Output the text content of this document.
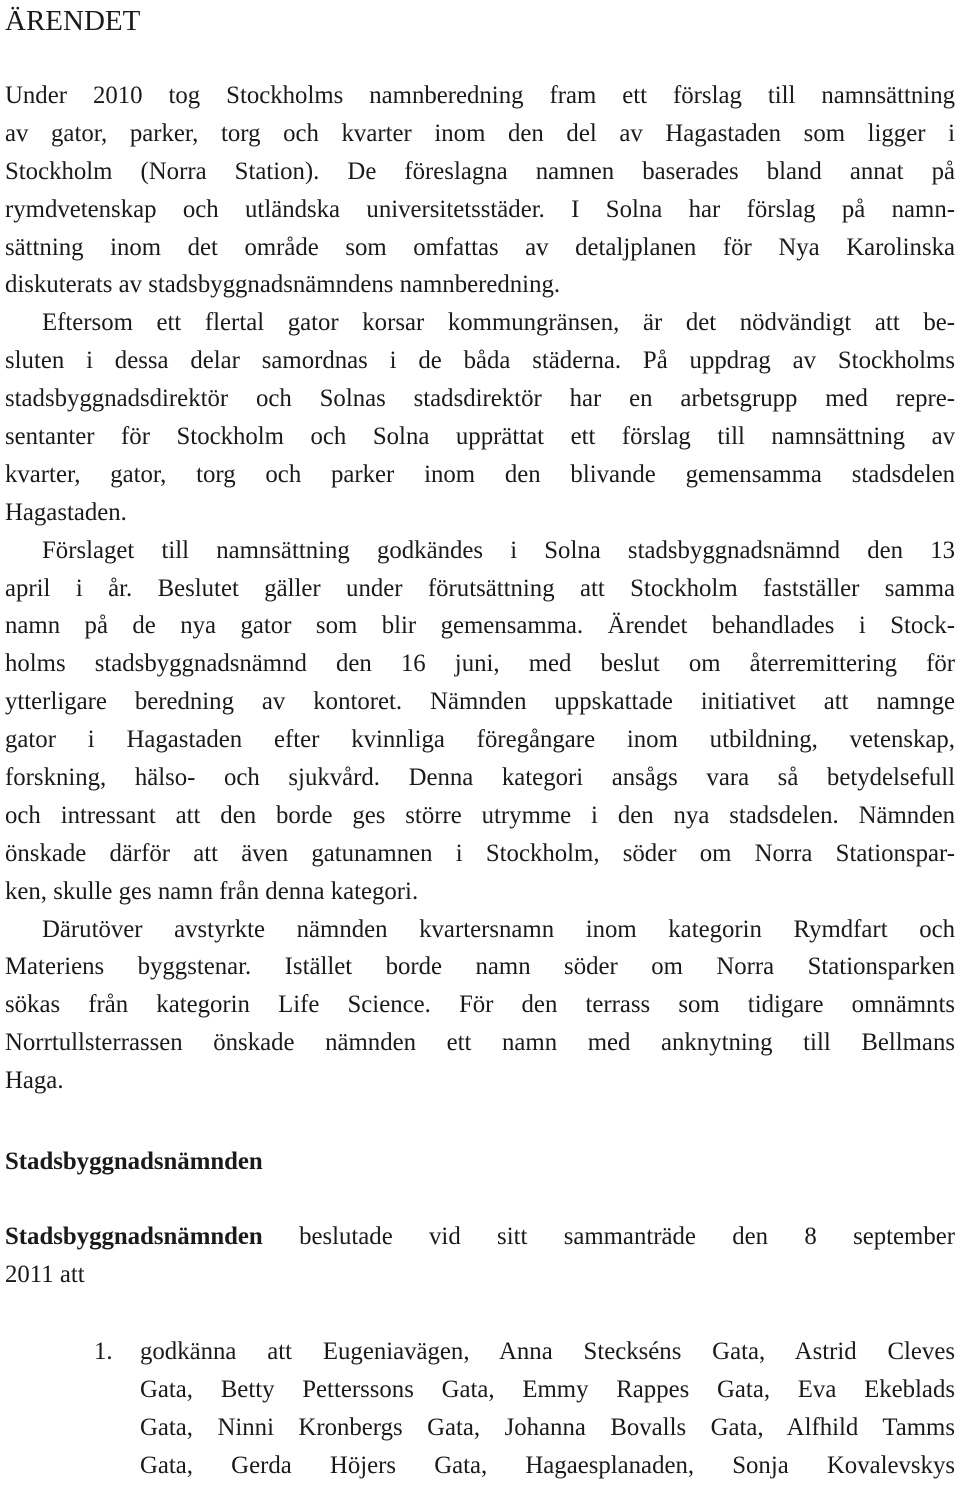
ÄRENDET
Under 2010 tog Stockholms namnberedning fram ett förslag till namnsättning
av gator, parker, torg och kvarter inom den del av Hagastaden som ligger i
Stockholm (Norra Station). De föreslagna namnen baserades bland annat på
rymdvetenskap och utländska universitetsstäder. I Solna har förslag på namn-
sättning inom det område som omfattas av detaljplanen för Nya Karolinska
diskuterats av stadsbyggnadsnämndens namnberedning.
Eftersom ett flertal gator korsar kommungränsen, är det nödvändigt att be-
sluten i dessa delar samordnas i de båda städerna. På uppdrag av Stockholms
stadsbyggnadsdirektör och Solnas stadsdirektör har en arbetsgrupp med repre-
sentanter för Stockholm och Solna upprättat ett förslag till namnsättning av
kvarter, gator, torg och parker inom den blivande gemensamma stadsdelen
Hagastaden.
Förslaget till namnsättning godkändes i Solna stadsbyggnadsnämnd den 13
april i år. Beslutet gäller under förutsättning att Stockholm fastställer samma
namn på de nya gator som blir gemensamma. Ärendet behandlades i Stock-
holms stadsbyggnadsnämnd den 16 juni, med beslut om återremittering för
ytterligare beredning av kontoret. Nämnden uppskattade initiativet att namnge
gator i Hagastaden efter kvinnliga föregångare inom utbildning, vetenskap,
forskning, hälso- och sjukvård. Denna kategori ansågs vara så betydelsefull
och intressant att den borde ges större utrymme i den nya stadsdelen. Nämnden
önskade därför att även gatunamnen i Stockholm, söder om Norra Stationspar-
ken, skulle ges namn från denna kategori.
Därutöver avstyrkte nämnden kvartersnamn inom kategorin Rymdfart och
Materiens byggstenar. Istället borde namn söder om Norra Stationsparken
sökas från kategorin Life Science. För den terrass som tidigare omnämnts
Norrtullsterrassen önskade nämnden ett namn med anknytning till Bellmans
Haga.
Stadsbyggnadsnämnden
Stadsbyggnadsnämnden beslutade vid sitt sammanträde den 8 september
2011 att
1. godkänna att Eugeniavägen, Anna Steckséns Gata, Astrid Cleves
Gata, Betty Petterssons Gata, Emmy Rappes Gata, Eva Ekeblads
Gata, Ninni Kronbergs Gata, Johanna Bovalls Gata, Alfhild Tamms
Gata, Gerda Höjers Gata, Hagaesplanaden, Sonja Kovalevskys
